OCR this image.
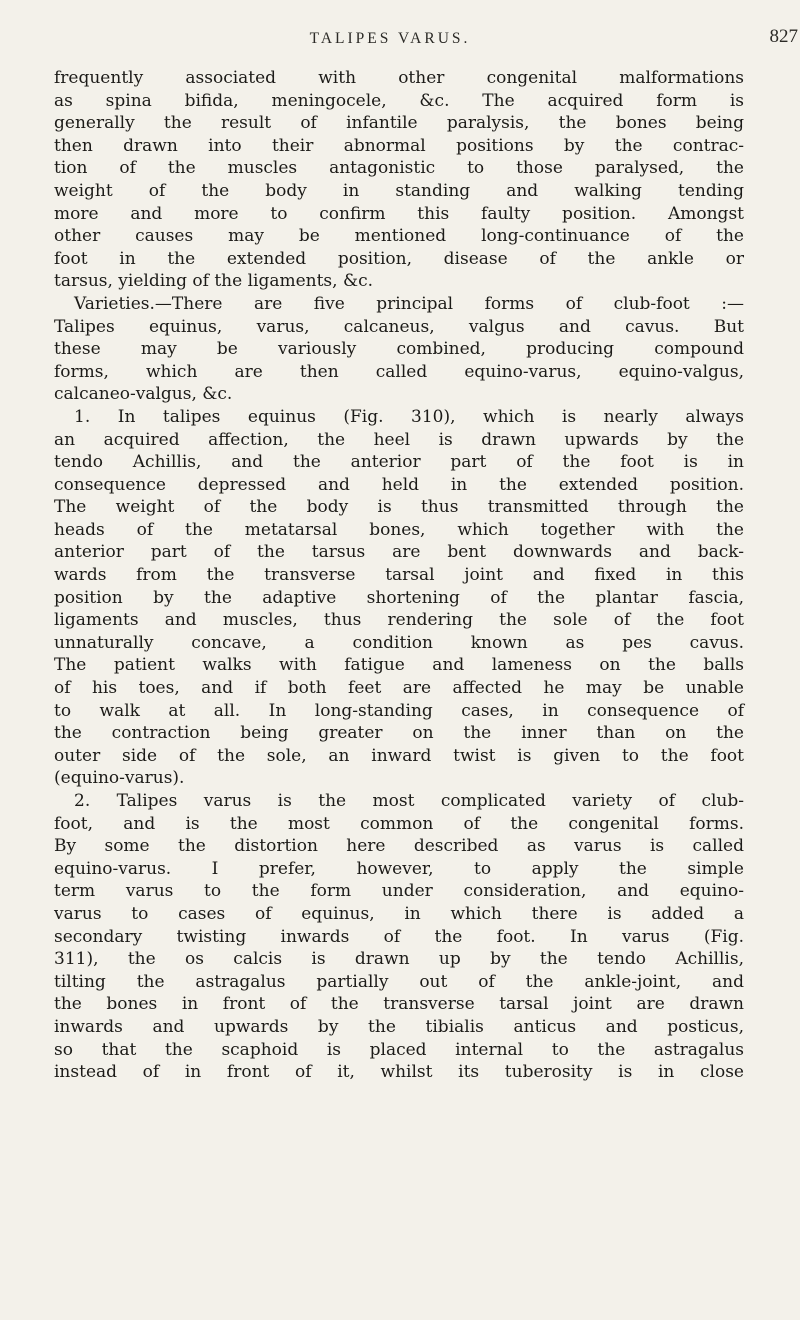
TALIPES VARUS.	827
frequently associated with other congenital malformations
as spina bifida, meningocele, &c. The acquired form is
generally the result of infantile paralysis, the bones being
then drawn into their abnormal positions by the contrac-
tion of the muscles antagonistic to those paralysed, the
weight of the body in standing and walking tending
more and more to confirm this faulty position. Amongst
other causes may be mentioned long-continuance of the
foot in the extended position, disease of the ankle or
tarsus, yielding of the ligaments, &c.
Varieties.—There are five principal forms of club-foot :—
Talipes equinus, varus, calcaneus, valgus and cavus. But
these may be variously combined, producing compound
forms, which are then called equino-varus, equino-valgus,
calcaneo-valgus, &c.
1. In talipes equinus (Fig. 310), which is nearly always
an acquired affection, the heel is drawn upwards by the
tendo Achillis, and the anterior part of the foot is in
consequence depressed and held in the extended position.
The weight of the body is thus transmitted through the
heads of the metatarsal bones, which together with the
anterior part of the tarsus are bent downwards and back-
wards from the transverse tarsal joint and fixed in this
position by the adaptive shortening of the plantar fascia,
ligaments and muscles, thus rendering the sole of the foot
unnaturally concave, a condition known as pes cavus.
The patient walks with fatigue and lameness on the balls
of his toes, and if both feet are affected he may be unable
to walk at all. In long-standing cases, in consequence of
the contraction being greater on the inner than on the
outer side of the sole, an inward twist is given to the foot
(equino-varus).
2. Talipes varus is the most complicated variety of club-
foot, and is the most common of the congenital forms.
By some the distortion here described as varus is called
equino-varus. I prefer, however, to apply the simple
term varus to the form under consideration, and equino-
varus to cases of equinus, in which there is added a
secondary twisting inwards of the foot. In varus (Fig.
311), the os calcis is drawn up by the tendo Achillis,
tilting the astragalus partially out of the ankle-joint, and
the bones in front of the transverse tarsal joint are drawn
inwards and upwards by the tibialis anticus and posticus,
so that the scaphoid is placed internal to the astragalus
instead of in front of it, whilst its tuberosity is in close
